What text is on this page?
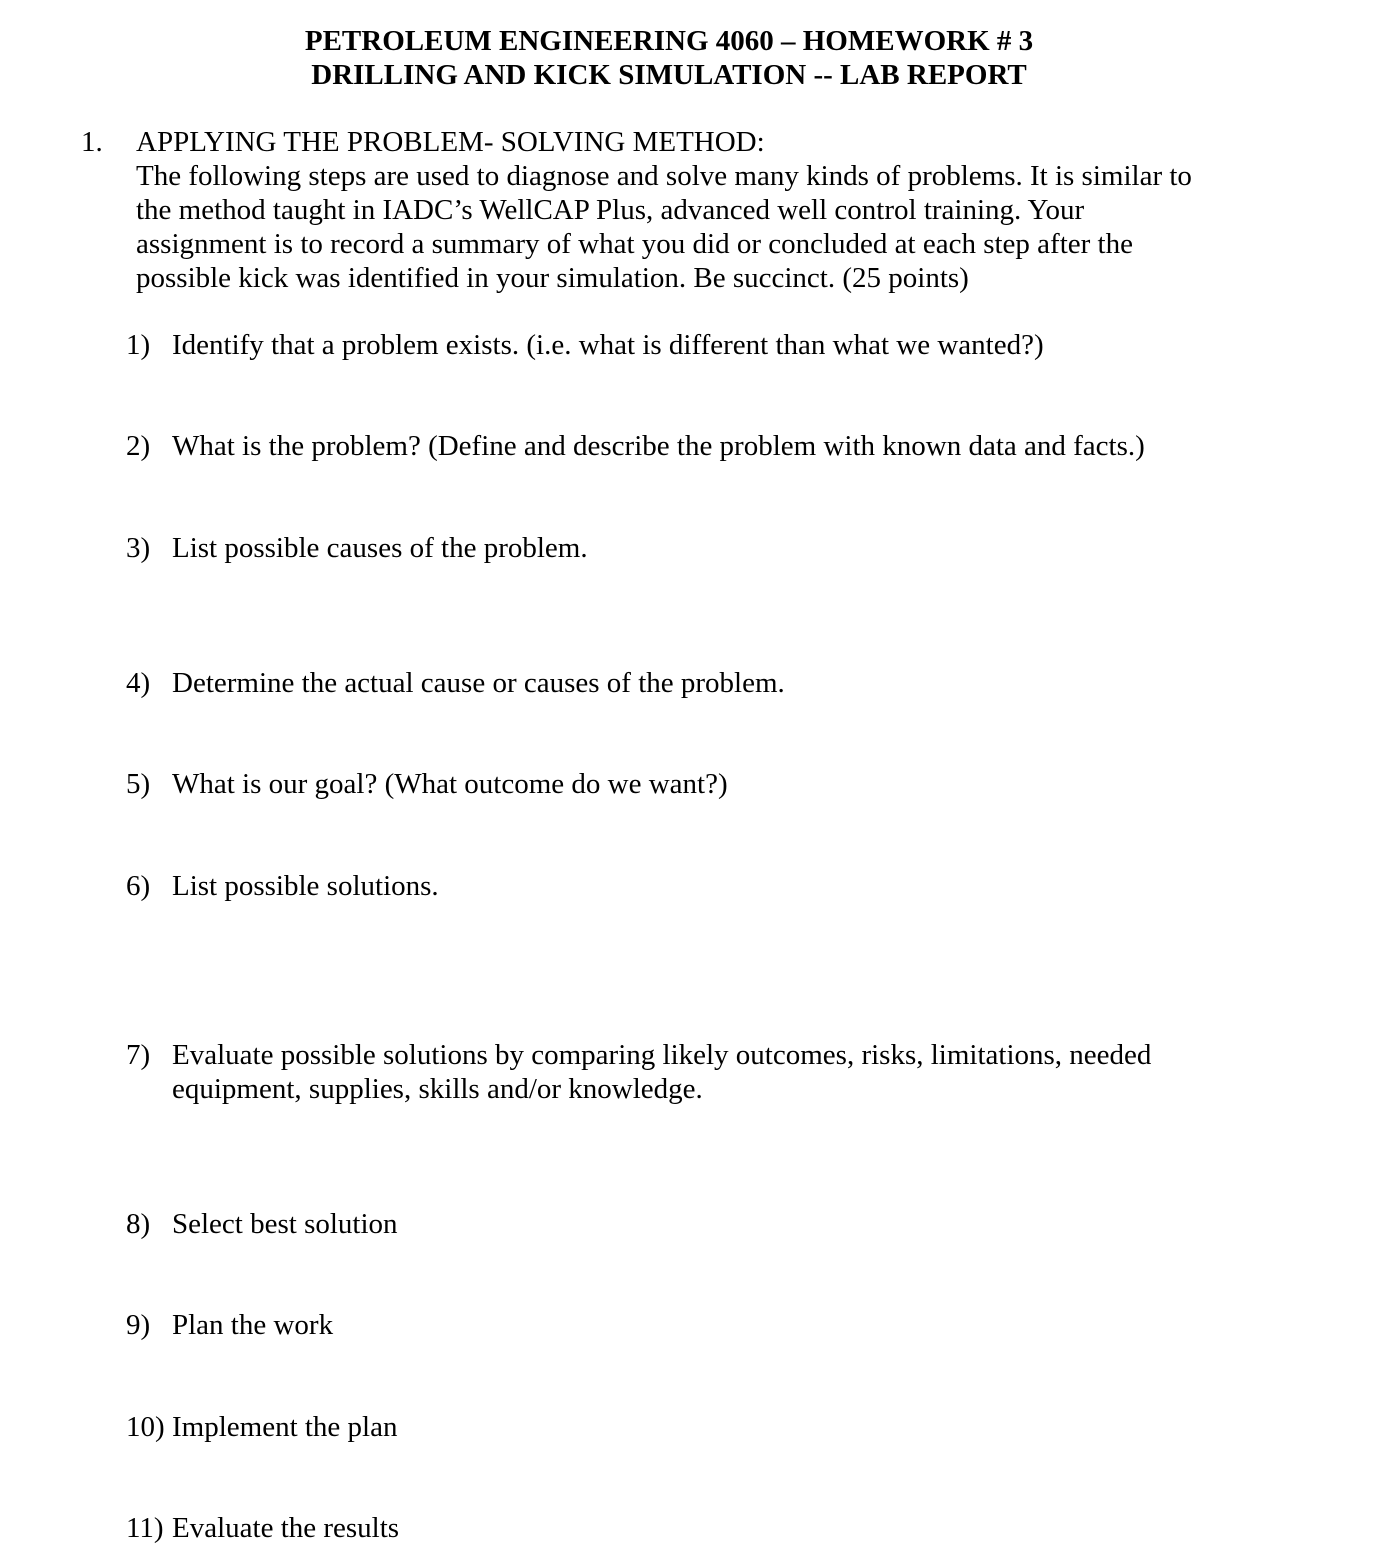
PETROLEUM ENGINEERING 4060 – HOMEWORK # 3
DRILLING AND KICK SIMULATION -- LAB REPORT
1. APPLYING THE PROBLEM- SOLVING METHOD:
The following steps are used to diagnose and solve many kinds of problems. It is similar to
the method taught in IADC’s WellCAP Plus, advanced well control training. Your
assignment is to record a summary of what you did or concluded at each step after the
possible kick was identified in your simulation. Be succinct. (25 points)
1) Identify that a problem exists. (i.e. what is different than what we wanted?)
2) What is the problem? (Define and describe the problem with known data and facts.)
3) List possible causes of the problem.
4) Determine the actual cause or causes of the problem.
5) What is our goal? (What outcome do we want?)
6) List possible solutions.
7) Evaluate possible solutions by comparing likely outcomes, risks, limitations, needed
equipment, supplies, skills and/or knowledge.
8) Select best solution
9) Plan the work
10) Implement the plan
11) Evaluate the results
